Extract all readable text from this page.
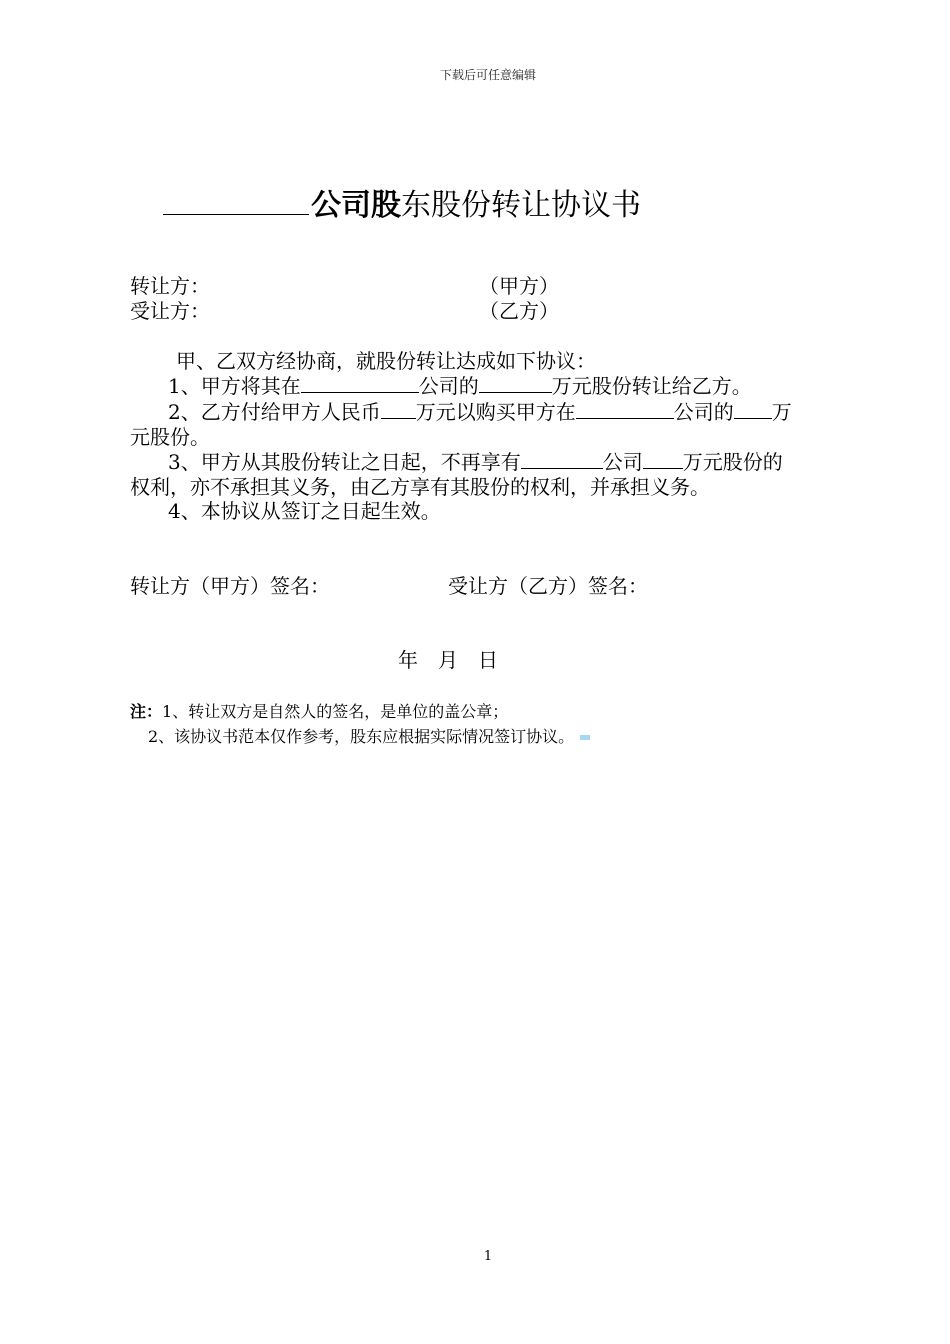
下载后可任意编辑
公司股东股份转让协议书
转让方：	（甲方）
受让方：	（乙方）
甲、乙双方经协商，就股份转让达成如下协议：
1、甲方将其在	公司的	万元股份转让给乙方。
2、乙方付给甲方人民币 万元以购买甲方在	公司的 万
元股份。
3、甲方从其股份转让之日起，不再享有	公司 万元股份的
权利，亦不承担其义务，由乙方享有其股份的权利，并承担义务。
4、本协议从签订之日起生效。
转让方（甲方）签名：	受让方（乙方）签名：
年　月　日
注：1、转让双方是自然人的签名，是单位的盖公章；
2、该协议书范本仅作参考，股东应根据实际情况签订协议。
1
